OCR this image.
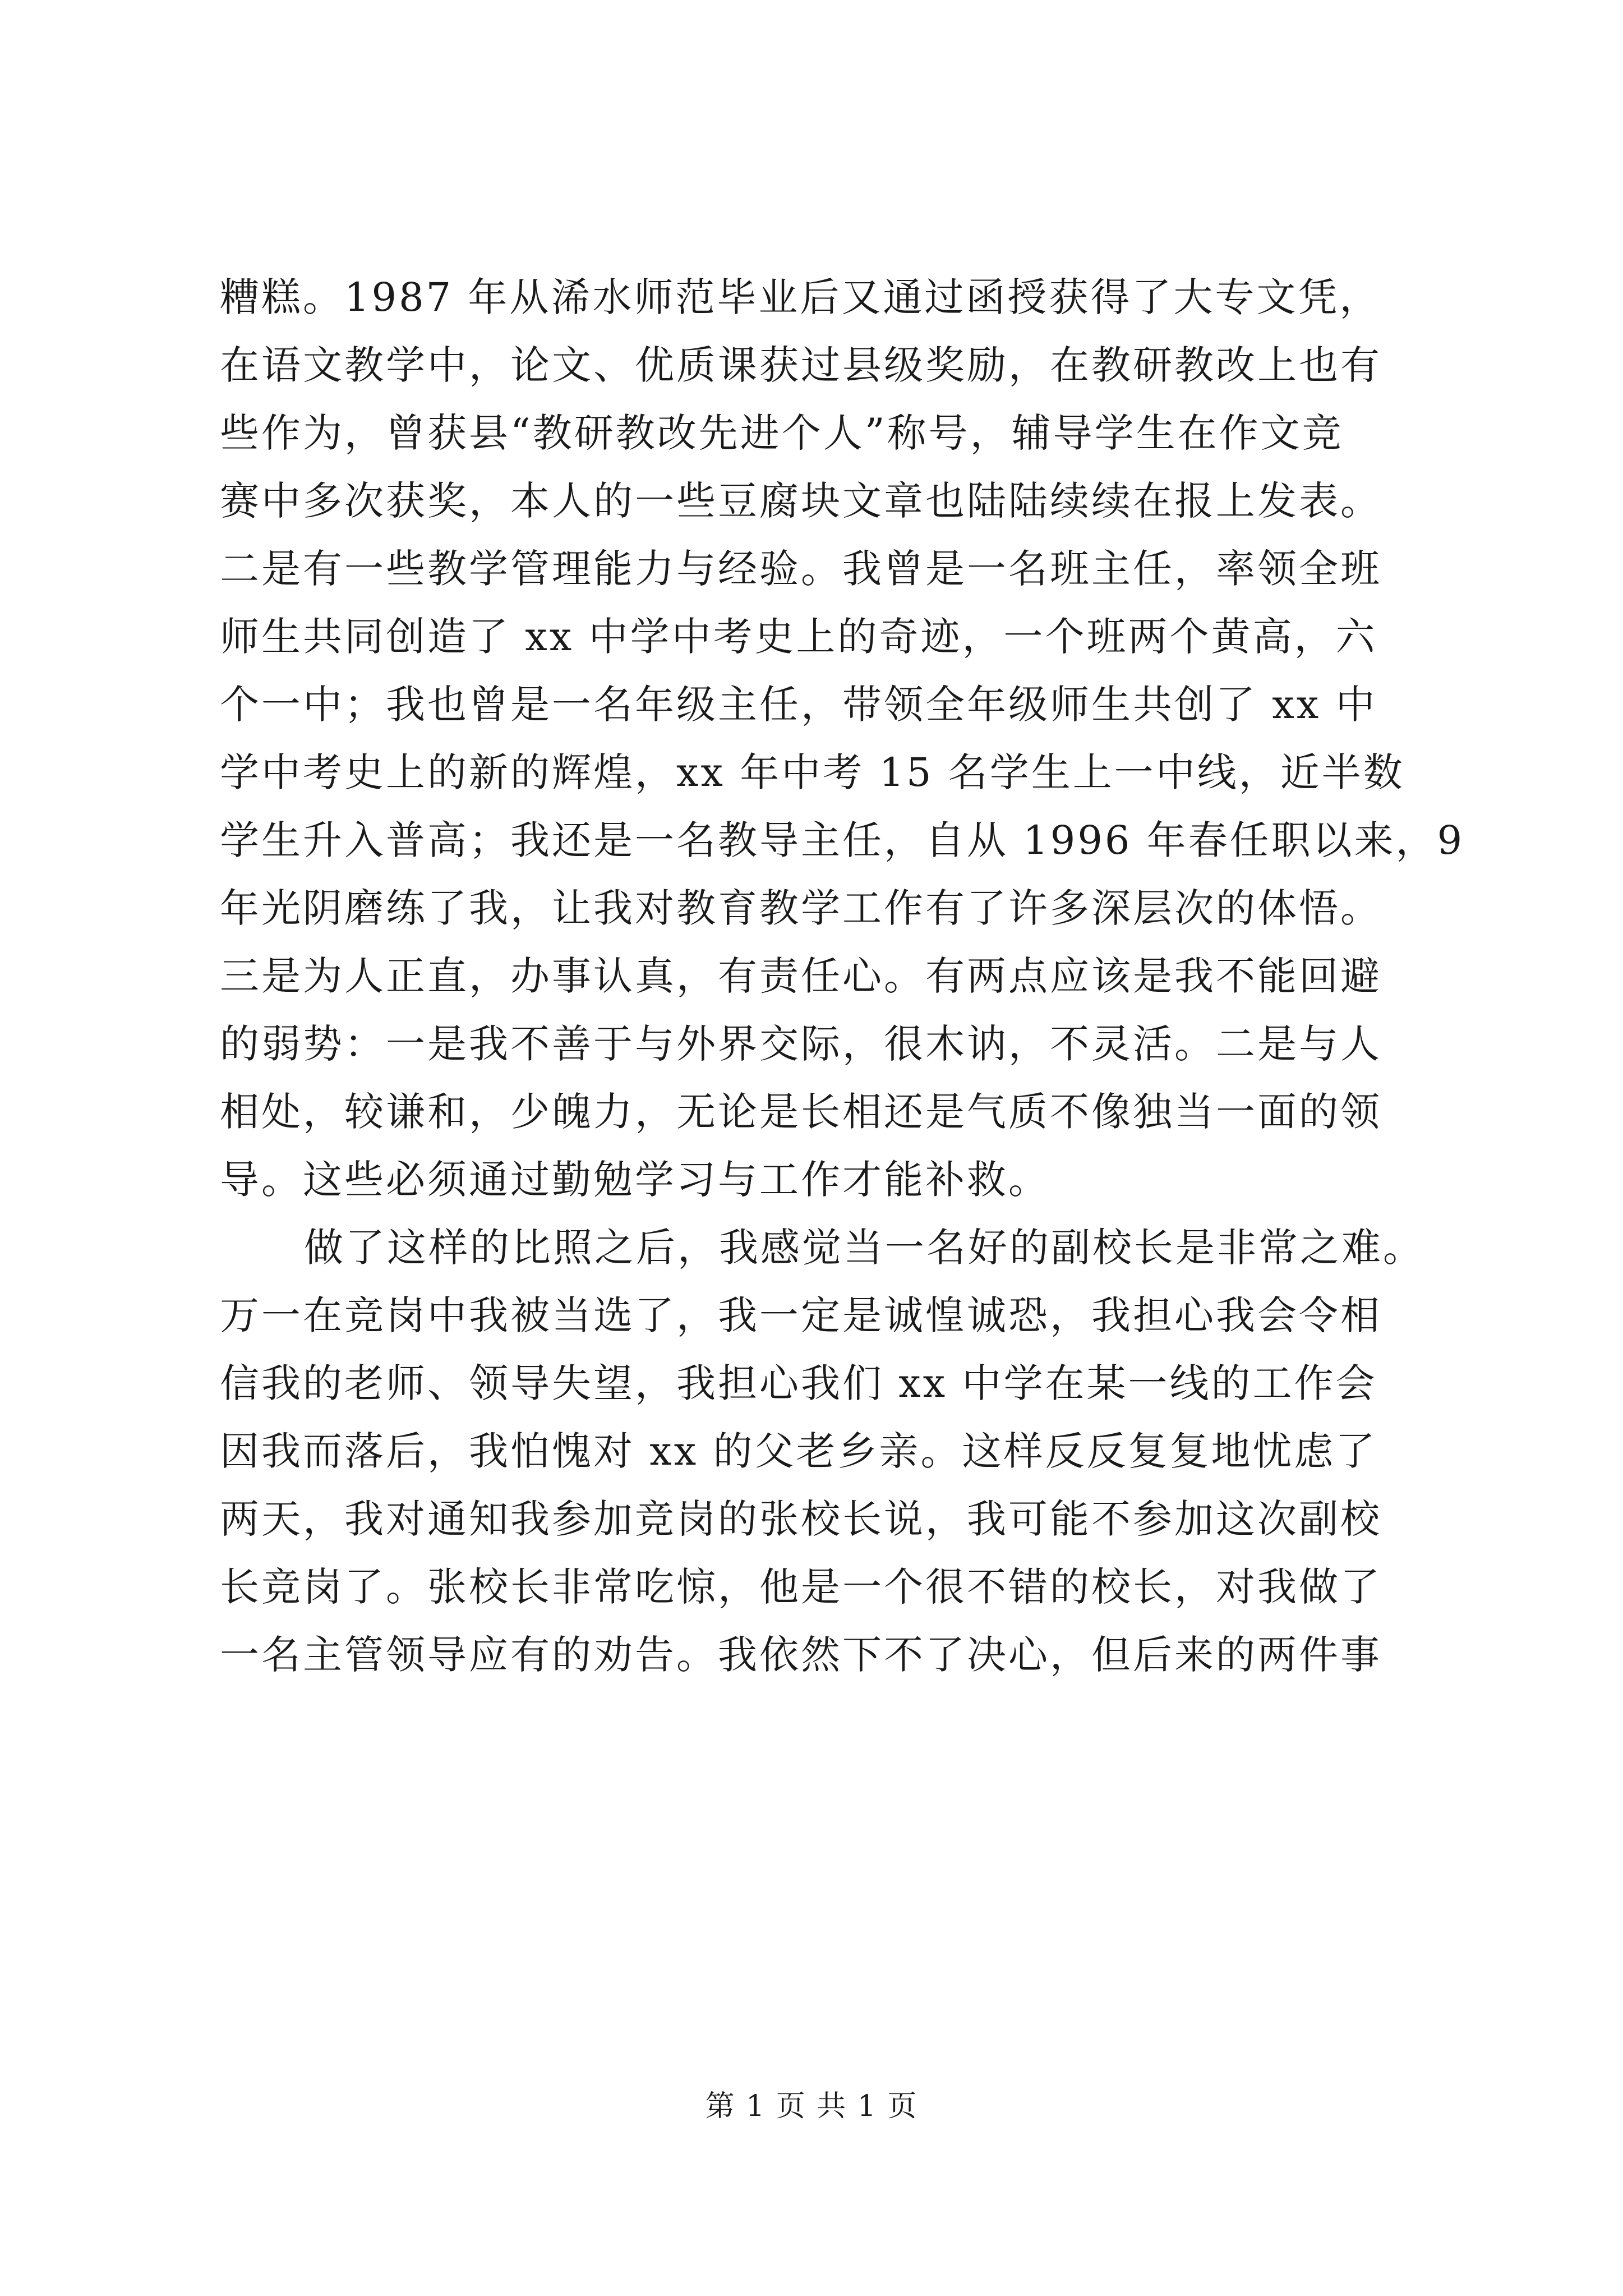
糟糕。1987 年从浠水师范毕业后又通过函授获得了大专文凭，
在语文教学中，论文、优质课获过县级奖励，在教研教改上也有
些作为，曾获县“教研教改先进个人”称号，辅导学生在作文竞
赛中多次获奖，本人的一些豆腐块文章也陆陆续续在报上发表。
二是有一些教学管理能力与经验。我曾是一名班主任，率领全班
师生共同创造了 xx 中学中考史上的奇迹，一个班两个黄高，六
个一中；我也曾是一名年级主任，带领全年级师生共创了 xx 中
学中考史上的新的辉煌，xx 年中考 15 名学生上一中线，近半数
学生升入普高；我还是一名教导主任，自从 1996 年春任职以来，9
年光阴磨练了我，让我对教育教学工作有了许多深层次的体悟。
三是为人正直，办事认真，有责任心。有两点应该是我不能回避
的弱势：一是我不善于与外界交际，很木讷，不灵活。二是与人
相处，较谦和，少魄力，无论是长相还是气质不像独当一面的领
导。这些必须通过勤勉学习与工作才能补救。
做了这样的比照之后，我感觉当一名好的副校长是非常之难。
万一在竞岗中我被当选了，我一定是诚惶诚恐，我担心我会令相
信我的老师、领导失望，我担心我们 xx 中学在某一线的工作会
因我而落后，我怕愧对 xx 的父老乡亲。这样反反复复地忧虑了
两天，我对通知我参加竞岗的张校长说，我可能不参加这次副校
长竞岗了。张校长非常吃惊，他是一个很不错的校长，对我做了
一名主管领导应有的劝告。我依然下不了决心，但后来的两件事
第 1 页 共 1 页
